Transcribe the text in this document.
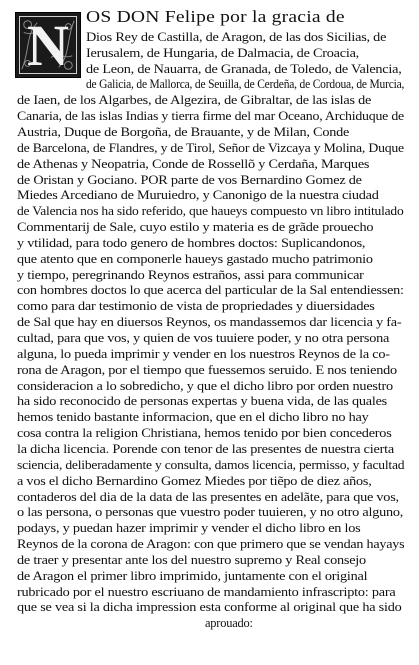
N	OS DON Felipe por la gracia de
Dios Rey de Castilla, de Aragon, de las dos Sicilias, de
Ierusalem, de Hungaria, de Dalmacia, de Croacia,
de Leon, de Nauarra, de Granada, de Toledo, de Valencia,
de Galicia, de Mallorca, de Seuilla, de Cerdeña, de Cordoua, de Murcia,
de Iaen, de los Algarbes, de Algezira, de Gibraltar, de las islas de
Canaria, de las islas Indias y tierra firme del mar Oceano, Archiduque de
Austria, Duque de Borgoña, de Brauante, y de Milan, Conde
de Barcelona, de Flandres, y de Tirol, Señor de Vizcaya y Molina, Duque
de Athenas y Neopatria, Conde de Rossellõ y Cerdaña, Marques
de Oristan y Gociano. POR parte de vos Bernardino Gomez de
Miedes Arcediano de Muruiedro, y Canonigo de la nuestra ciudad
de Valencia nos ha sido referido, que haueys compuesto vn libro intitulado
Commentarij de Sale, cuyo estilo y materia es de grãde prouecho
y vtilidad, para todo genero de hombres doctos: Suplicandonos,
que atento que en componerle haueys gastado mucho patrimonio
y tiempo, peregrinando Reynos estraños, assi para communicar
con hombres doctos lo que acerca del particular de la Sal entendiessen:
como para dar testimonio de vista de propriedades y diuersidades
de Sal que hay en diuersos Reynos, os mandassemos dar licencia y fa-
cultad, para que vos, y quien de vos tuuiere poder, y no otra persona
alguna, lo pueda imprimir y vender en los nuestros Reynos de la co-
rona de Aragon, por el tiempo que fuessemos seruido. E nos teniendo
consideracion a lo sobredicho, y que el dicho libro por orden nuestro
ha sido reconocido de personas expertas y buena vida, de las quales
hemos tenido bastante informacion, que en el dicho libro no hay
cosa contra la religion Christiana, hemos tenido por bien concederos
la dicha licencia. Porende con tenor de las presentes de nuestra cierta
sciencia, deliberadamente y consulta, damos licencia, permisso, y facultad
a vos el dicho Bernardino Gomez Miedes por tiẽpo de diez años,
contaderos del dia de la data de las presentes en adelãte, para que vos,
o las persona, o personas que vuestro poder tuuieren, y no otro alguno,
podays, y puedan hazer imprimir y vender el dicho libro en los
Reynos de la corona de Aragon: con que primero que se vendan hayays
de traer y presentar ante los del nuestro supremo y Real consejo
de Aragon el primer libro imprimido, juntamente con el original
rubricado por el nuestro escriuano de mandamiento infrascripto: para
que se vea si la dicha impression esta conforme al original que ha sido
aprouado:
